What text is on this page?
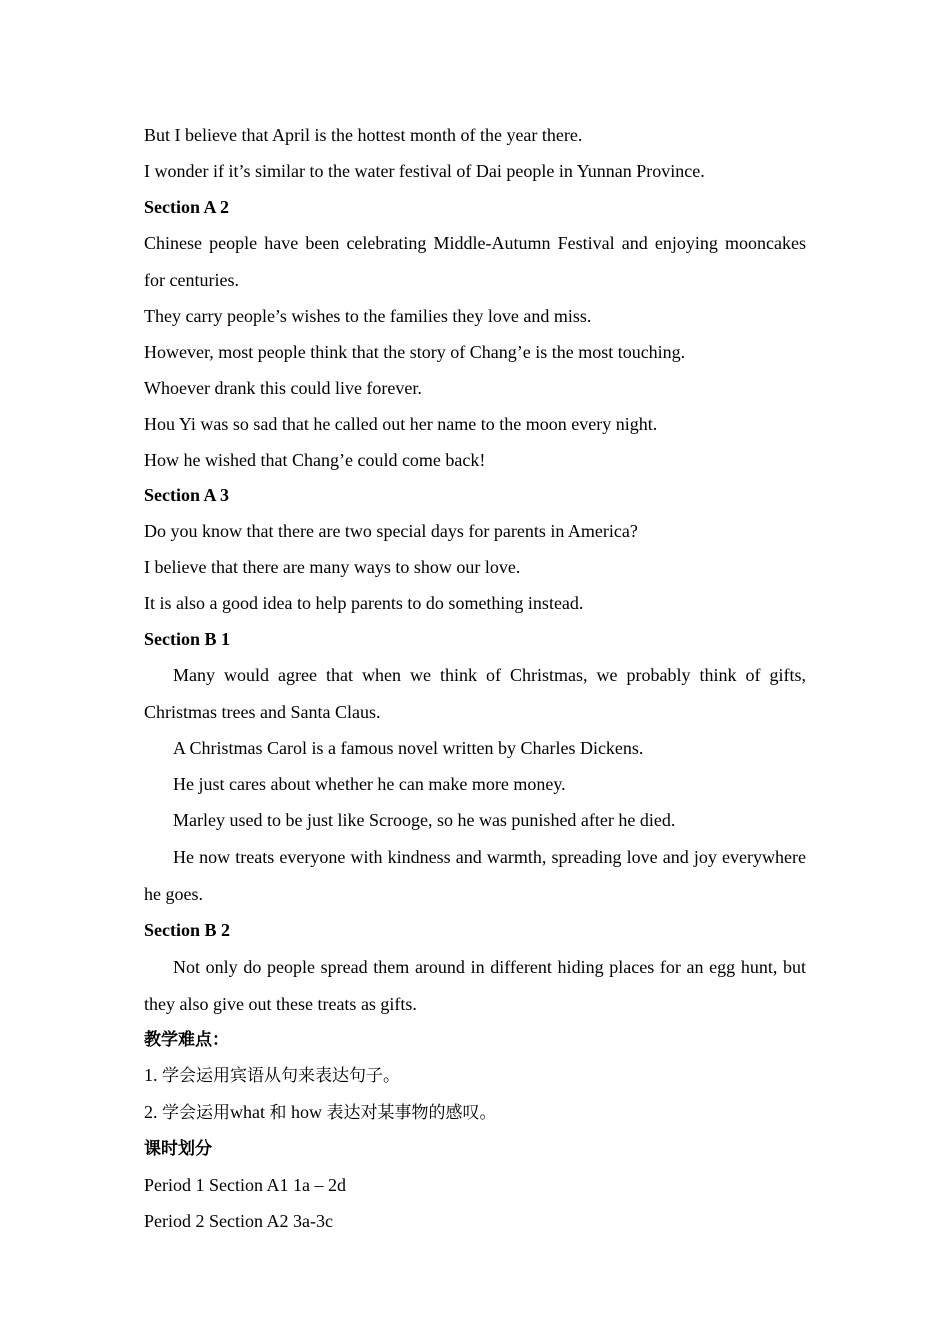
But I believe that April is the hottest month of the year there.
I wonder if it’s similar to the water festival of Dai people in Yunnan Province.
Section A 2
Chinese people have been celebrating Middle-Autumn Festival and enjoying mooncakes for centuries.
They carry people’s wishes to the families they love and miss.
However, most people think that the story of Chang’e is the most touching.
Whoever drank this could live forever.
Hou Yi was so sad that he called out her name to the moon every night.
How he wished that Chang’e could come back!
Section A 3
Do you know that there are two special days for parents in America?
I believe that there are many ways to show our love.
It is also a good idea to help parents to do something instead.
Section B 1
Many would agree that when we think of Christmas, we probably think of gifts, Christmas trees and Santa Claus.
A Christmas Carol is a famous novel written by Charles Dickens.
He just cares about whether he can make more money.
Marley used to be just like Scrooge, so he was punished after he died.
He now treats everyone with kindness and warmth, spreading love and joy everywhere he goes.
Section B 2
Not only do people spread them around in different hiding places for an egg hunt, but they also give out these treats as gifts.
教学难点：
1. 学会运用宾语从句来表达句子。
2. 学会运用what 和 how 表达对某事物的感叹。
课时划分
Period 1 Section A1 1a – 2d
Period 2 Section A2 3a-3c
